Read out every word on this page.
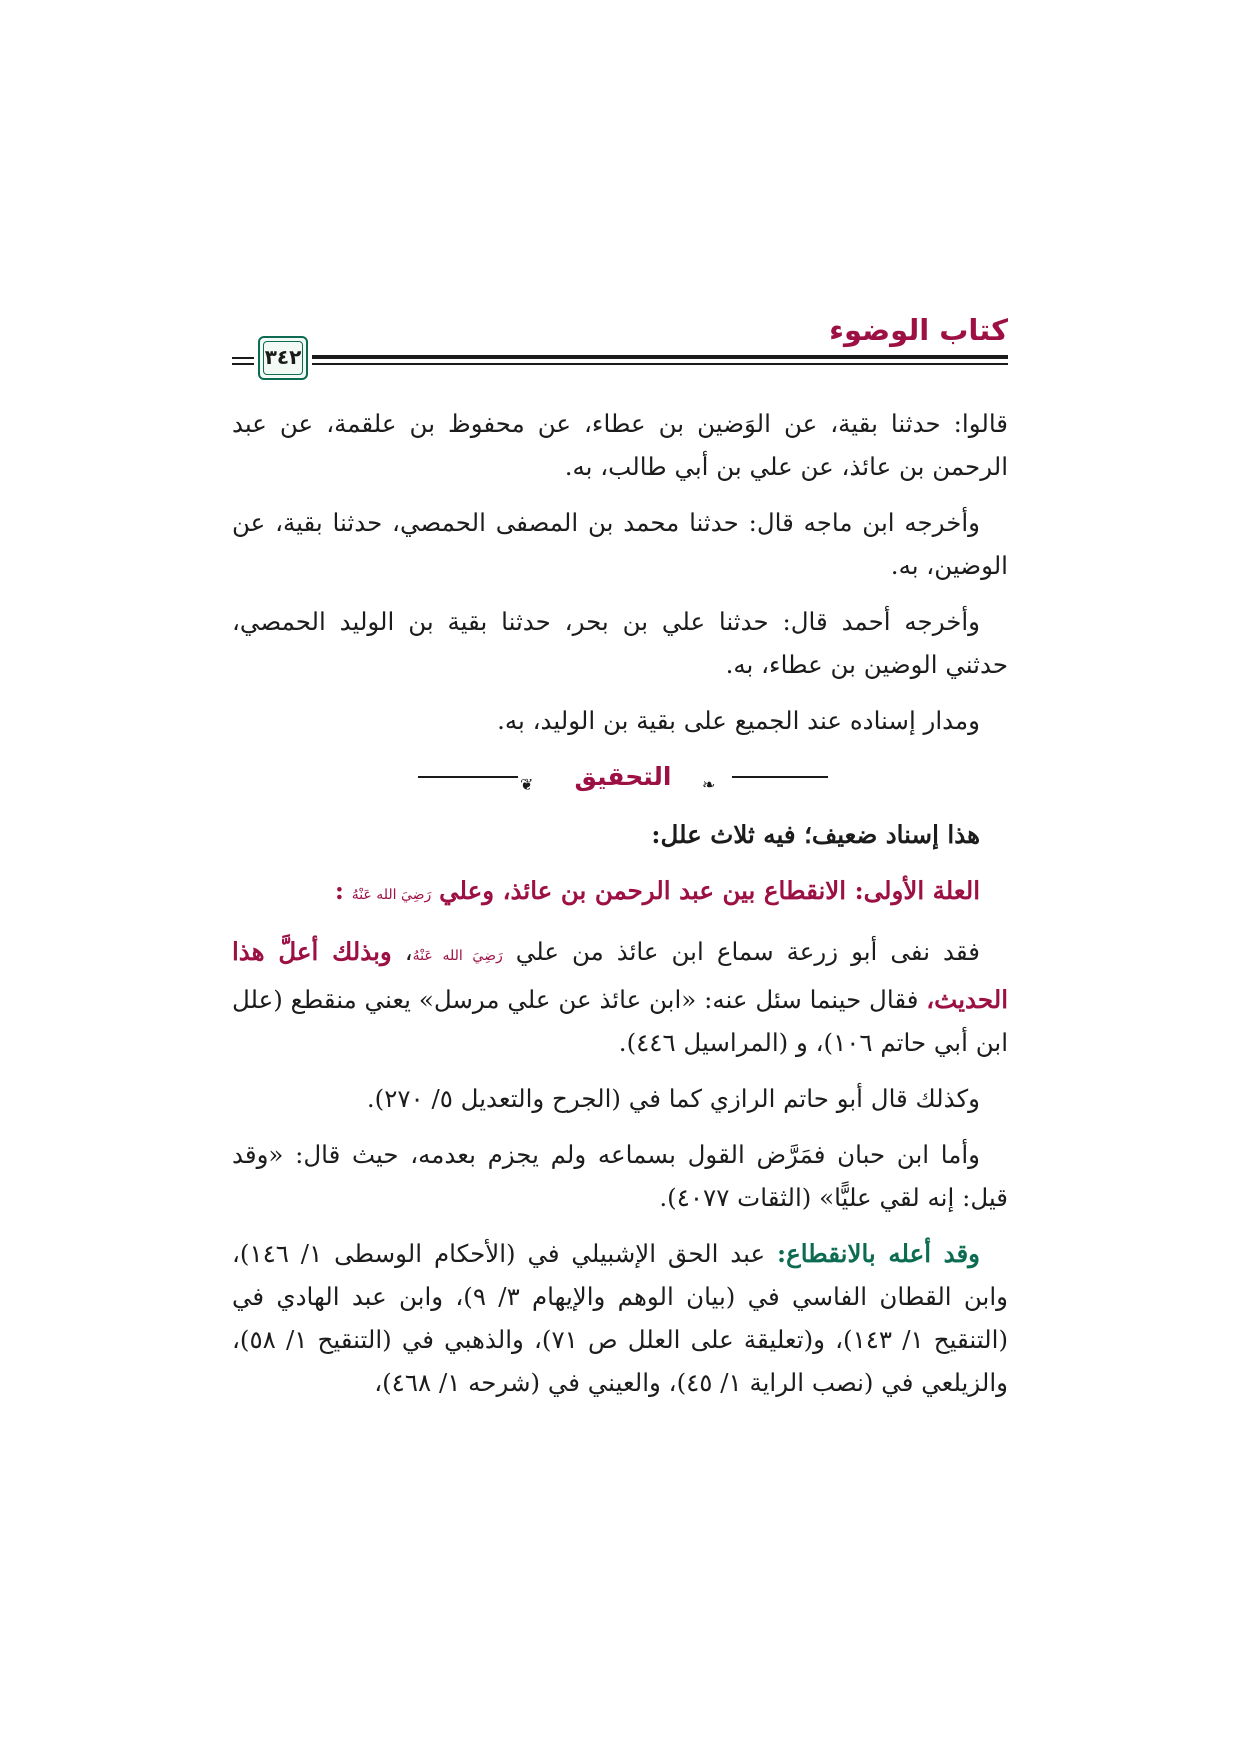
كتاب الوضوء
٣٤٢

قالوا: حدثنا بقية، عن الوَضين بن عطاء، عن محفوظ بن علقمة، عن عبد الرحمن بن عائذ، عن علي بن أبي طالب، به.

وأخرجه ابن ماجه قال: حدثنا محمد بن المصفى الحمصي، حدثنا بقية، عن الوضين، به.

وأخرجه أحمد قال: حدثنا علي بن بحر، حدثنا بقية بن الوليد الحمصي، حدثني الوضين بن عطاء، به.

ومدار إسناده عند الجميع على بقية بن الوليد، به.

❦	التحقيق	❧

هذا إسناد ضعيف؛ فيه ثلاث علل:

العلة الأولى: الانقطاع بين عبد الرحمن بن عائذ، وعلي رَضِيَ الله عَنْهُ :

فقد نفى أبو زرعة سماع ابن عائذ من علي رَضِيَ الله عَنْهُ، وبذلك أعلَّ هذا الحديث، فقال حينما سئل عنه: «ابن عائذ عن علي مرسل» يعني منقطع (علل ابن أبي حاتم ١٠٦)، و (المراسيل ٤٤٦).

وكذلك قال أبو حاتم الرازي كما في (الجرح والتعديل ٥/ ٢٧٠).

وأما ابن حبان فمَرَّض القول بسماعه ولم يجزم بعدمه، حيث قال: «وقد قيل: إنه لقي عليًّا» (الثقات ٤٠٧٧).

وقد أعله بالانقطاع: عبد الحق الإشبيلي في (الأحكام الوسطى ١/ ١٤٦)، وابن القطان الفاسي في (بيان الوهم والإيهام ٣/ ٩)، وابن عبد الهادي في (التنقيح ١/ ١٤٣)، و(تعليقة على العلل ص ٧١)، والذهبي في (التنقيح ١/ ٥٨)، والزيلعي في (نصب الراية ١/ ٤٥)، والعيني في (شرحه ١/ ٤٦٨)،
